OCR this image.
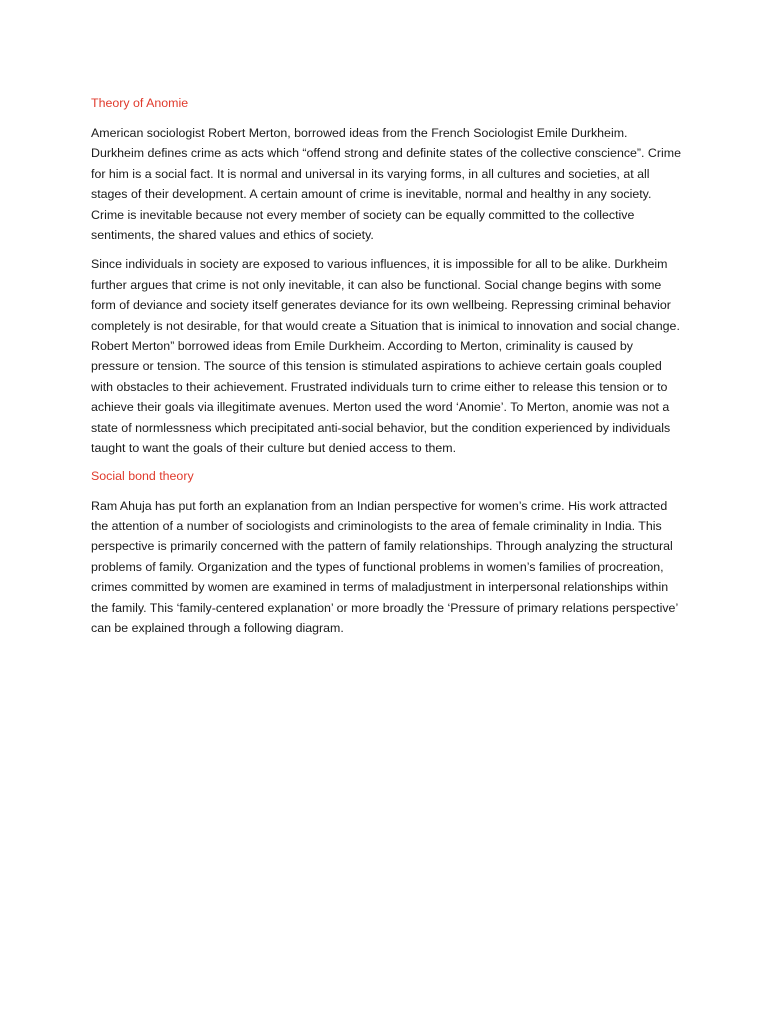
Theory of Anomie

American sociologist Robert Merton, borrowed ideas from the French Sociologist Emile Durkheim. Durkheim defines crime as acts which “offend strong and definite states of the collective conscience”. Crime for him is a social fact. It is normal and universal in its varying forms, in all cultures and societies, at all stages of their development. A certain amount of crime is inevitable, normal and healthy in any society. Crime is inevitable because not every member of society can be equally committed to the collective sentiments, the shared values and ethics of society.

Since individuals in society are exposed to various influences, it is impossible for all to be alike. Durkheim further argues that crime is not only inevitable, it can also be functional. Social change begins with some form of deviance and society itself generates deviance for its own wellbeing. Repressing criminal behavior completely is not desirable, for that would create a Situation that is inimical to innovation and social change. Robert Merton” borrowed ideas from Emile Durkheim. According to Merton, criminality is caused by pressure or tension. The source of this tension is stimulated aspirations to achieve certain goals coupled with obstacles to their achievement. Frustrated individuals turn to crime either to release this tension or to achieve their goals via illegitimate avenues. Merton used the word ‘Anomie’. To Merton, anomie was not a state of normlessness which precipitated anti-social behavior, but the condition experienced by individuals taught to want the goals of their culture but denied access to them.

Social bond theory

Ram Ahuja has put forth an explanation from an Indian perspective for women’s crime. His work attracted the attention of a number of sociologists and criminologists to the area of female criminality in India. This perspective is primarily concerned with the pattern of family relationships. Through analyzing the structural problems of family. Organization and the types of functional problems in women’s families of procreation, crimes committed by women are examined in terms of maladjustment in interpersonal relationships within the family. This ‘family-centered explanation’ or more broadly the ‘Pressure of primary relations perspective’ can be explained through a following diagram.
